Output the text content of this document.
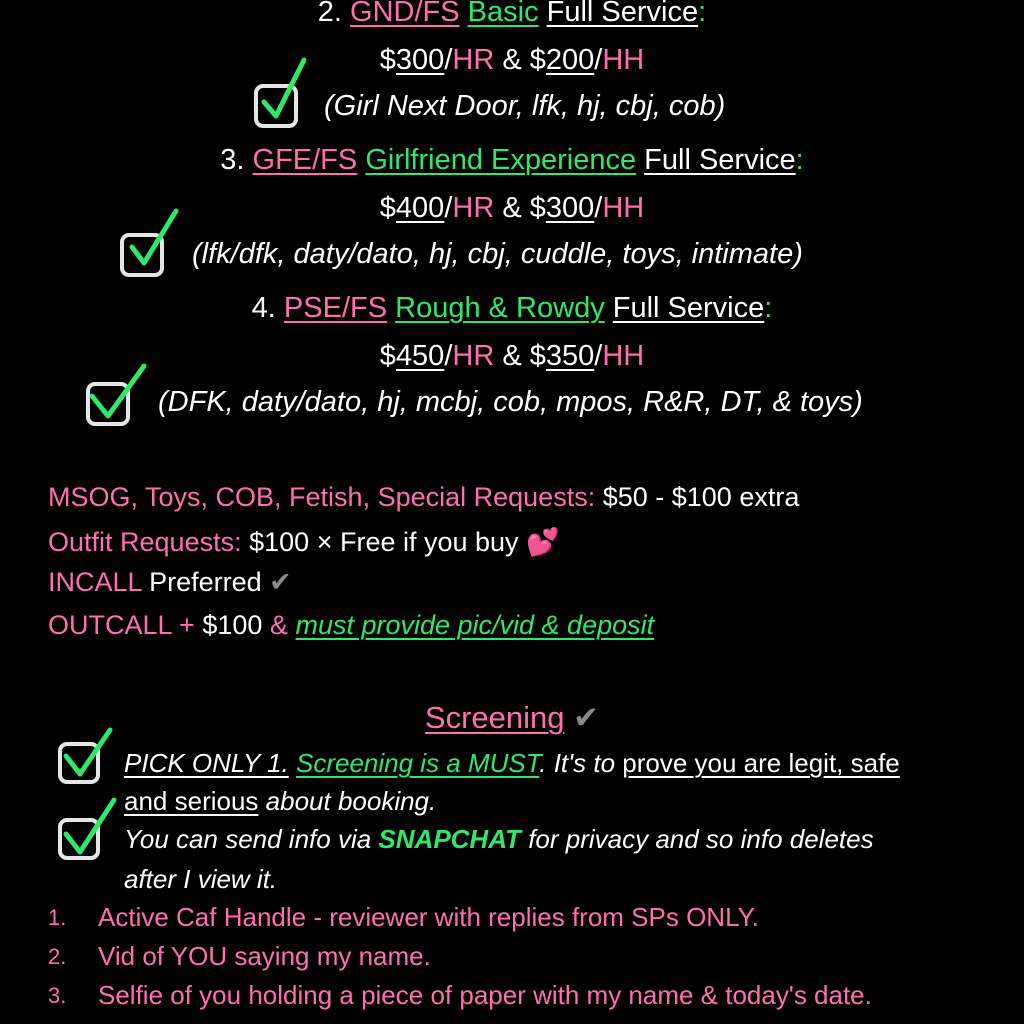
2. GND/FS Basic Full Service:
$300/HR & $200/HH
(Girl Next Door, lfk, hj, cbj, cob)
3. GFE/FS Girlfriend Experience Full Service:
$400/HR & $300/HH
(lfk/dfk, daty/dato, hj, cbj, cuddle, toys, intimate)
4. PSE/FS Rough & Rowdy Full Service:
$450/HR & $350/HH
(DFK, daty/dato, hj, mcbj, cob, mpos, R&R, DT, & toys)
MSOG, Toys, COB, Fetish, Special Requests: $50 - $100 extra
Outfit Requests: $100 × Free if you buy 💕
INCALL Preferred ✔
OUTCALL + $100 & must provide pic/vid & deposit
Screening ✔
PICK ONLY 1. Screening is a MUST. It's to prove you are legit, safe
and serious about booking.
You can send info via SNAPCHAT for privacy and so info deletes
after I view it.
1. Active Caf Handle - reviewer with replies from SPs ONLY.
2. Vid of YOU saying my name.
3. Selfie of you holding a piece of paper with my name & today's date.
